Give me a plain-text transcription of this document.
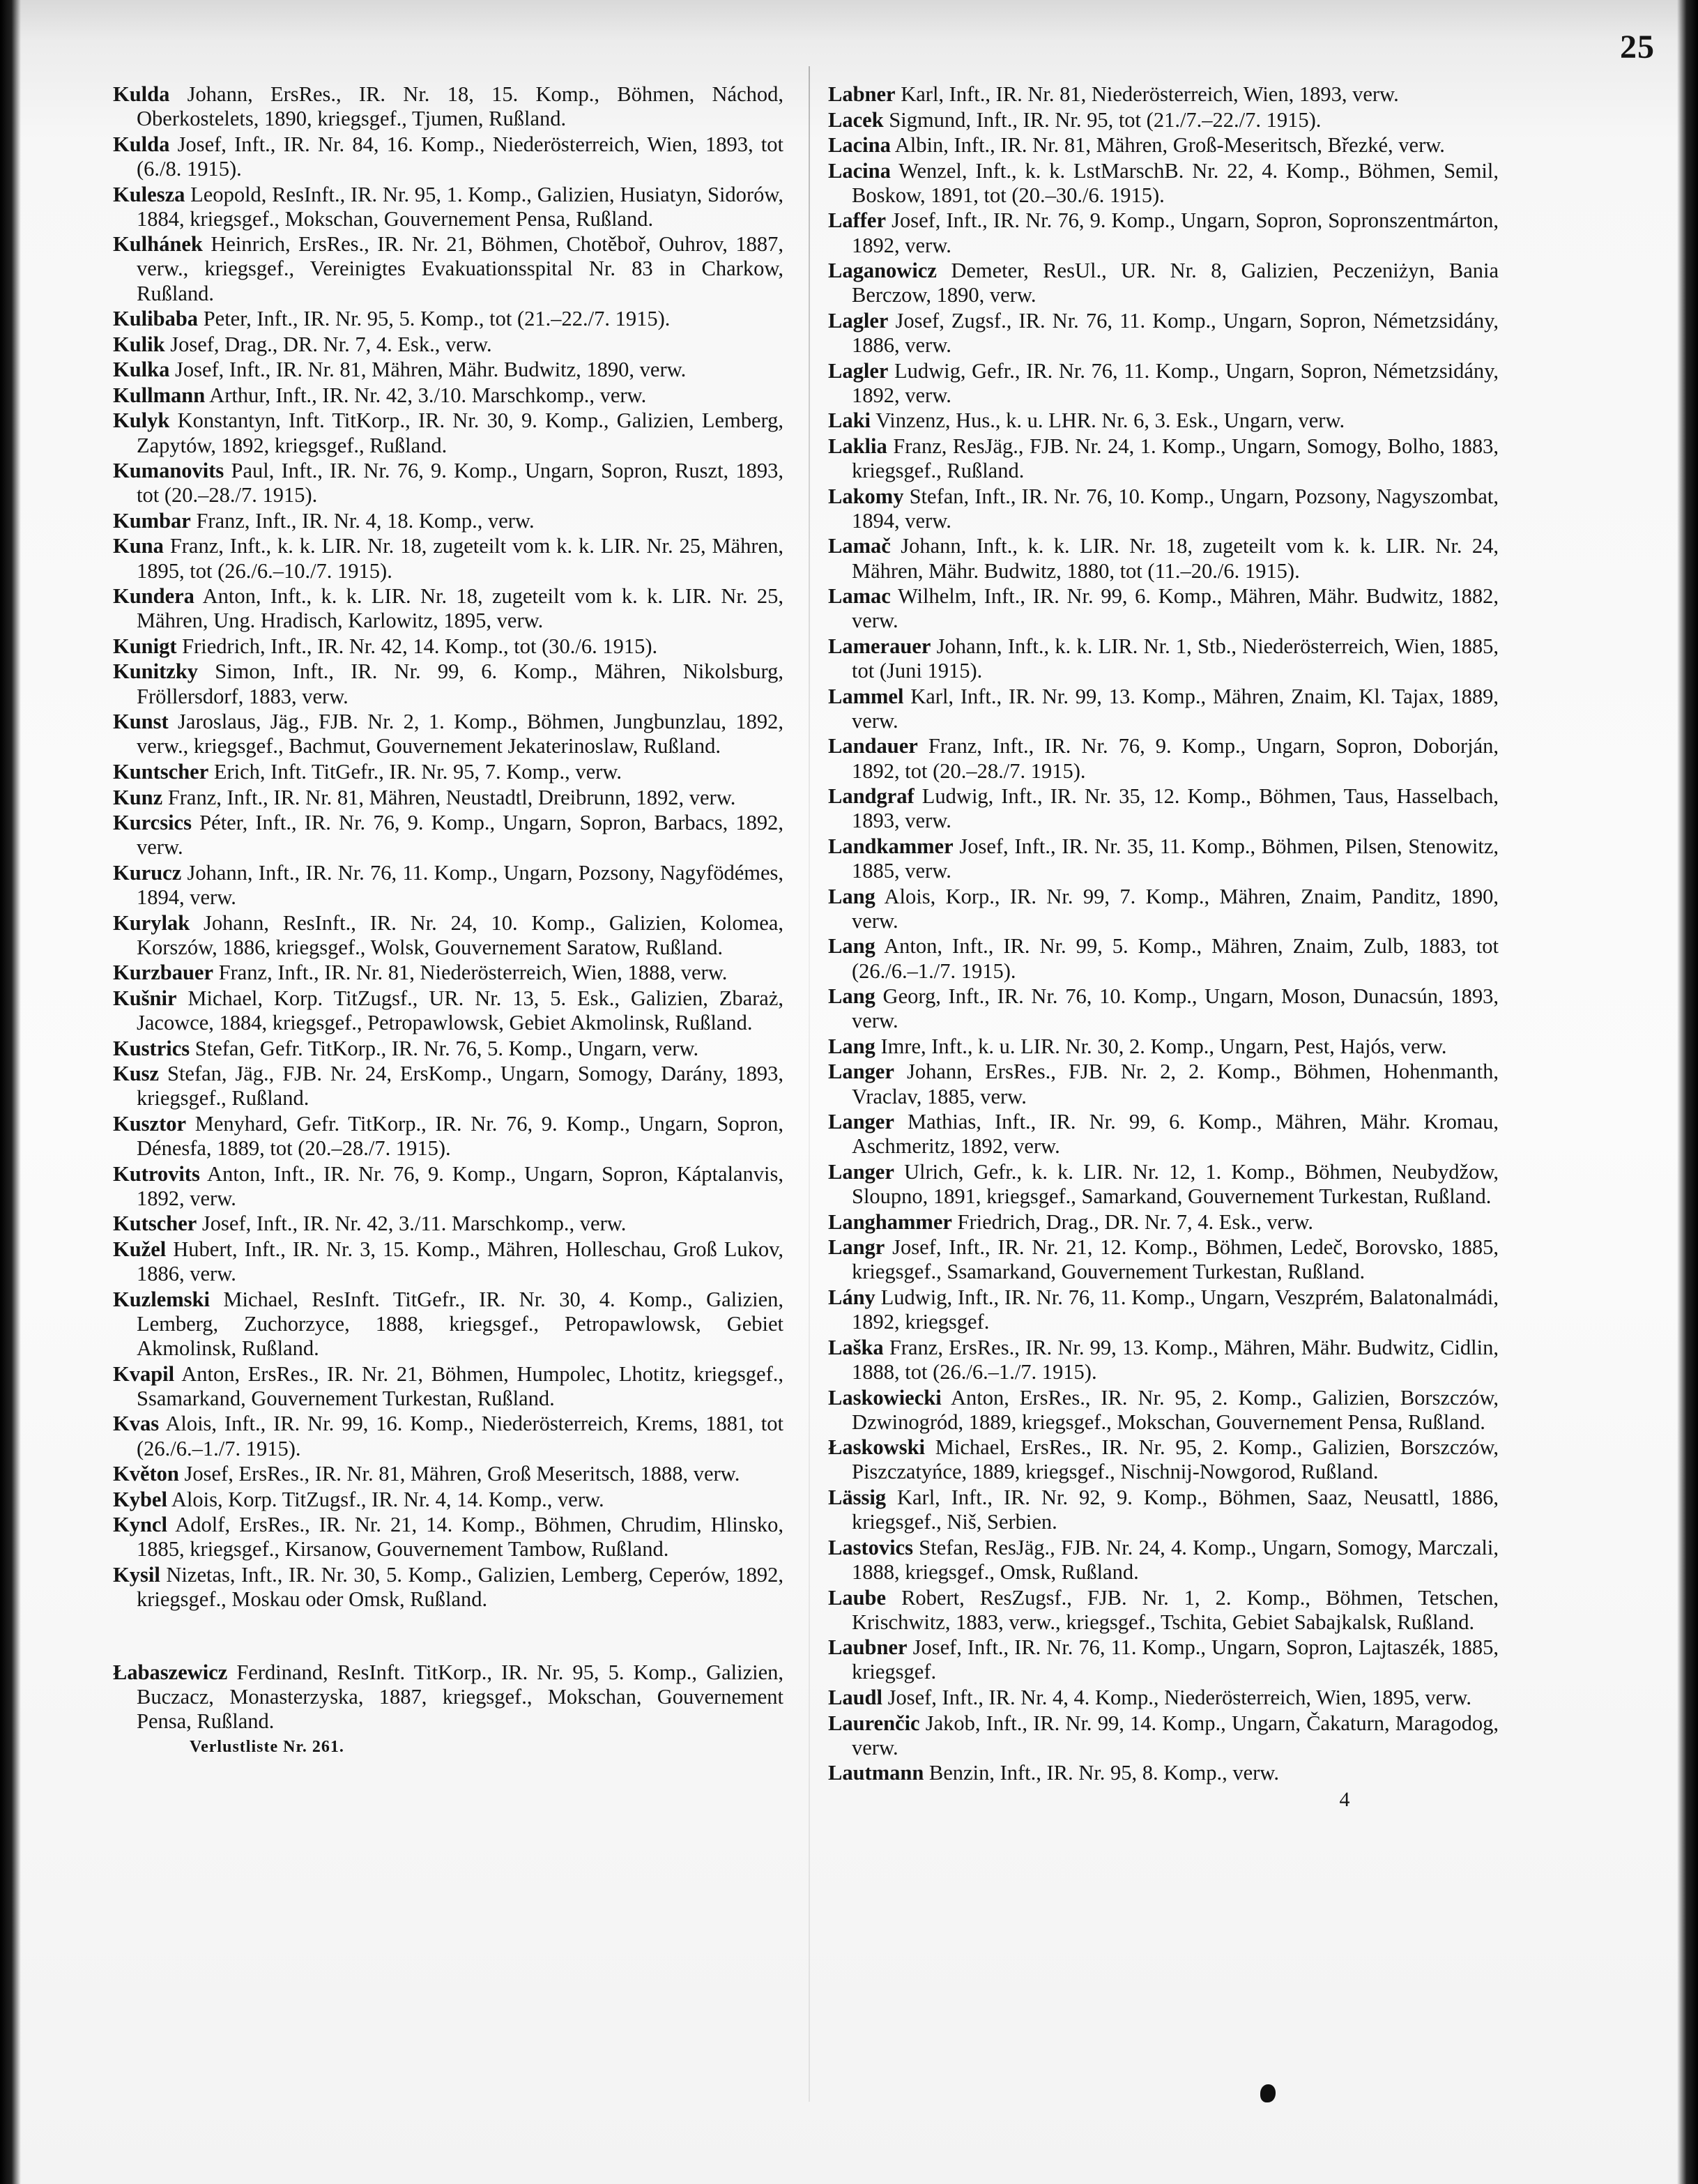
25

Kulda Johann, ErsRes., IR. Nr. 18, 15. Komp., Böhmen, Náchod, Oberkostelets, 1890, kriegsgef., Tjumen, Rußland.

Kulda Josef, Inft., IR. Nr. 84, 16. Komp., Niederösterreich, Wien, 1893, tot (6./8. 1915).

Kulesza Leopold, ResInft., IR. Nr. 95, 1. Komp., Galizien, Husiatyn, Sidorów, 1884, kriegsgef., Mokschan, Gouvernement Pensa, Rußland.

Kulhánek Heinrich, ErsRes., IR. Nr. 21, Böhmen, Chotěboř, Ouhrov, 1887, verw., kriegsgef., Vereinigtes Evakuationsspital Nr. 83 in Charkow, Rußland.

Kulibaba Peter, Inft., IR. Nr. 95, 5. Komp., tot (21.–22./7. 1915).

Kulik Josef, Drag., DR. Nr. 7, 4. Esk., verw.

Kulka Josef, Inft., IR. Nr. 81, Mähren, Mähr. Budwitz, 1890, verw.

Kullmann Arthur, Inft., IR. Nr. 42, 3./10. Marschkomp., verw.

Kulyk Konstantyn, Inft. TitKorp., IR. Nr. 30, 9. Komp., Galizien, Lemberg, Zapytów, 1892, kriegsgef., Rußland.

Kumanovits Paul, Inft., IR. Nr. 76, 9. Komp., Ungarn, Sopron, Ruszt, 1893, tot (20.–28./7. 1915).

Kumbar Franz, Inft., IR. Nr. 4, 18. Komp., verw.

Kuna Franz, Inft., k. k. LIR. Nr. 18, zugeteilt vom k. k. LIR. Nr. 25, Mähren, 1895, tot (26./6.–10./7. 1915).

Kundera Anton, Inft., k. k. LIR. Nr. 18, zugeteilt vom k. k. LIR. Nr. 25, Mähren, Ung. Hradisch, Karlowitz, 1895, verw.

Kunigt Friedrich, Inft., IR. Nr. 42, 14. Komp., tot (30./6. 1915).

Kunitzky Simon, Inft., IR. Nr. 99, 6. Komp., Mähren, Nikolsburg, Fröllersdorf, 1883, verw.

Kunst Jaroslaus, Jäg., FJB. Nr. 2, 1. Komp., Böhmen, Jungbunzlau, 1892, verw., kriegsgef., Bachmut, Gouvernement Jekaterinoslaw, Rußland.

Kuntscher Erich, Inft. TitGefr., IR. Nr. 95, 7. Komp., verw.

Kunz Franz, Inft., IR. Nr. 81, Mähren, Neustadtl, Dreibrunn, 1892, verw.

Kurcsics Péter, Inft., IR. Nr. 76, 9. Komp., Ungarn, Sopron, Barbacs, 1892, verw.

Kurucz Johann, Inft., IR. Nr. 76, 11. Komp., Ungarn, Pozsony, Nagyfödémes, 1894, verw.

Kurylak Johann, ResInft., IR. Nr. 24, 10. Komp., Galizien, Kolomea, Korszów, 1886, kriegsgef., Wolsk, Gouvernement Saratow, Rußland.

Kurzbauer Franz, Inft., IR. Nr. 81, Niederösterreich, Wien, 1888, verw.

Kušnir Michael, Korp. TitZugsf., UR. Nr. 13, 5. Esk., Galizien, Zbaraż, Jacowce, 1884, kriegsgef., Petropawlowsk, Gebiet Akmolinsk, Rußland.

Kustrics Stefan, Gefr. TitKorp., IR. Nr. 76, 5. Komp., Ungarn, verw.

Kusz Stefan, Jäg., FJB. Nr. 24, ErsKomp., Ungarn, Somogy, Darány, 1893, kriegsgef., Rußland.

Kusztor Menyhard, Gefr. TitKorp., IR. Nr. 76, 9. Komp., Ungarn, Sopron, Dénesfa, 1889, tot (20.–28./7. 1915).

Kutrovits Anton, Inft., IR. Nr. 76, 9. Komp., Ungarn, Sopron, Káptalanvis, 1892, verw.

Kutscher Josef, Inft., IR. Nr. 42, 3./11. Marschkomp., verw.

Kužel Hubert, Inft., IR. Nr. 3, 15. Komp., Mähren, Holleschau, Groß Lukov, 1886, verw.

Kuzlemski Michael, ResInft. TitGefr., IR. Nr. 30, 4. Komp., Galizien, Lemberg, Zuchorzyce, 1888, kriegsgef., Petropawlowsk, Gebiet Akmolinsk, Rußland.

Kvapil Anton, ErsRes., IR. Nr. 21, Böhmen, Humpolec, Lhotitz, kriegsgef., Ssamarkand, Gouvernement Turkestan, Rußland.

Kvas Alois, Inft., IR. Nr. 99, 16. Komp., Niederösterreich, Krems, 1881, tot (26./6.–1./7. 1915).

Květon Josef, ErsRes., IR. Nr. 81, Mähren, Groß Meseritsch, 1888, verw.

Kybel Alois, Korp. TitZugsf., IR. Nr. 4, 14. Komp., verw.

Kyncl Adolf, ErsRes., IR. Nr. 21, 14. Komp., Böhmen, Chrudim, Hlinsko, 1885, kriegsgef., Kirsanow, Gouvernement Tambow, Rußland.

Kysil Nizetas, Inft., IR. Nr. 30, 5. Komp., Galizien, Lemberg, Ceperów, 1892, kriegsgef., Moskau oder Omsk, Rußland.

Łabaszewicz Ferdinand, ResInft. TitKorp., IR. Nr. 95, 5. Komp., Galizien, Buczacz, Monasterzyska, 1887, kriegsgef., Mokschan, Gouvernement Pensa, Rußland.

Verlustliste Nr. 261.

Labner Karl, Inft., IR. Nr. 81, Niederösterreich, Wien, 1893, verw.

Lacek Sigmund, Inft., IR. Nr. 95, tot (21./7.–22./7. 1915).

Lacina Albin, Inft., IR. Nr. 81, Mähren, Groß-Meseritsch, Březké, verw.

Lacina Wenzel, Inft., k. k. LstMarschB. Nr. 22, 4. Komp., Böhmen, Semil, Boskow, 1891, tot (20.–30./6. 1915).

Laffer Josef, Inft., IR. Nr. 76, 9. Komp., Ungarn, Sopron, Sopronszentmárton, 1892, verw.

Laganowicz Demeter, ResUl., UR. Nr. 8, Galizien, Peczeniżyn, Bania Berczow, 1890, verw.

Lagler Josef, Zugsf., IR. Nr. 76, 11. Komp., Ungarn, Sopron, Németzsidány, 1886, verw.

Lagler Ludwig, Gefr., IR. Nr. 76, 11. Komp., Ungarn, Sopron, Németzsidány, 1892, verw.

Laki Vinzenz, Hus., k. u. LHR. Nr. 6, 3. Esk., Ungarn, verw.

Laklia Franz, ResJäg., FJB. Nr. 24, 1. Komp., Ungarn, Somogy, Bolho, 1883, kriegsgef., Rußland.

Lakomy Stefan, Inft., IR. Nr. 76, 10. Komp., Ungarn, Pozsony, Nagyszombat, 1894, verw.

Lamač Johann, Inft., k. k. LIR. Nr. 18, zugeteilt vom k. k. LIR. Nr. 24, Mähren, Mähr. Budwitz, 1880, tot (11.–20./6. 1915).

Lamac Wilhelm, Inft., IR. Nr. 99, 6. Komp., Mähren, Mähr. Budwitz, 1882, verw.

Lamerauer Johann, Inft., k. k. LIR. Nr. 1, Stb., Niederösterreich, Wien, 1885, tot (Juni 1915).

Lammel Karl, Inft., IR. Nr. 99, 13. Komp., Mähren, Znaim, Kl. Tajax, 1889, verw.

Landauer Franz, Inft., IR. Nr. 76, 9. Komp., Ungarn, Sopron, Doborján, 1892, tot (20.–28./7. 1915).

Landgraf Ludwig, Inft., IR. Nr. 35, 12. Komp., Böhmen, Taus, Hasselbach, 1893, verw.

Landkammer Josef, Inft., IR. Nr. 35, 11. Komp., Böhmen, Pilsen, Stenowitz, 1885, verw.

Lang Alois, Korp., IR. Nr. 99, 7. Komp., Mähren, Znaim, Panditz, 1890, verw.

Lang Anton, Inft., IR. Nr. 99, 5. Komp., Mähren, Znaim, Zulb, 1883, tot (26./6.–1./7. 1915).

Lang Georg, Inft., IR. Nr. 76, 10. Komp., Ungarn, Moson, Dunacsún, 1893, verw.

Lang Imre, Inft., k. u. LIR. Nr. 30, 2. Komp., Ungarn, Pest, Hajós, verw.

Langer Johann, ErsRes., FJB. Nr. 2, 2. Komp., Böhmen, Hohenmanth, Vraclav, 1885, verw.

Langer Mathias, Inft., IR. Nr. 99, 6. Komp., Mähren, Mähr. Kromau, Aschmeritz, 1892, verw.

Langer Ulrich, Gefr., k. k. LIR. Nr. 12, 1. Komp., Böhmen, Neubydžow, Sloupno, 1891, kriegsgef., Samarkand, Gouvernement Turkestan, Rußland.

Langhammer Friedrich, Drag., DR. Nr. 7, 4. Esk., verw.

Langr Josef, Inft., IR. Nr. 21, 12. Komp., Böhmen, Ledeč, Borovsko, 1885, kriegsgef., Ssamarkand, Gouvernement Turkestan, Rußland.

Lány Ludwig, Inft., IR. Nr. 76, 11. Komp., Ungarn, Veszprém, Balatonalmádi, 1892, kriegsgef.

Laška Franz, ErsRes., IR. Nr. 99, 13. Komp., Mähren, Mähr. Budwitz, Cidlin, 1888, tot (26./6.–1./7. 1915).

Laskowiecki Anton, ErsRes., IR. Nr. 95, 2. Komp., Galizien, Borszczów, Dzwinogród, 1889, kriegsgef., Mokschan, Gouvernement Pensa, Rußland.

Łaskowski Michael, ErsRes., IR. Nr. 95, 2. Komp., Galizien, Borszczów, Piszczatyńce, 1889, kriegsgef., Nischnij-Nowgorod, Rußland.

Lässig Karl, Inft., IR. Nr. 92, 9. Komp., Böhmen, Saaz, Neusattl, 1886, kriegsgef., Niš, Serbien.

Lastovics Stefan, ResJäg., FJB. Nr. 24, 4. Komp., Ungarn, Somogy, Marczali, 1888, kriegsgef., Omsk, Rußland.

Laube Robert, ResZugsf., FJB. Nr. 1, 2. Komp., Böhmen, Tetschen, Krischwitz, 1883, verw., kriegsgef., Tschita, Gebiet Sabajkalsk, Rußland.

Laubner Josef, Inft., IR. Nr. 76, 11. Komp., Ungarn, Sopron, Lajtaszék, 1885, kriegsgef.

Laudl Josef, Inft., IR. Nr. 4, 4. Komp., Niederösterreich, Wien, 1895, verw.

Laurenčic Jakob, Inft., IR. Nr. 99, 14. Komp., Ungarn, Čakaturn, Maragodog, verw.

Lautmann Benzin, Inft., IR. Nr. 95, 8. Komp., verw.

4
